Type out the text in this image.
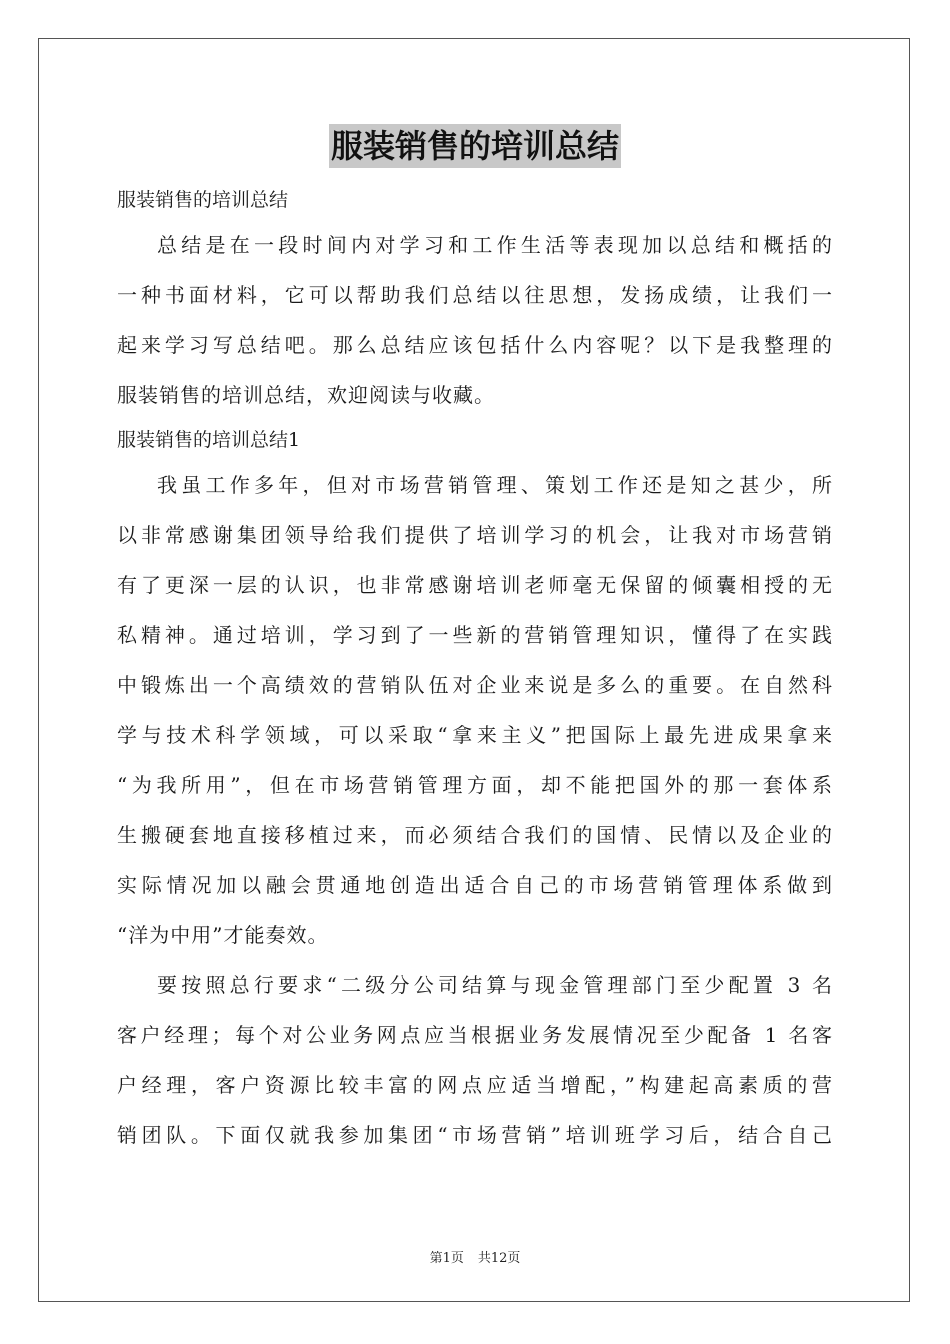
服装销售的培训总结
服装销售的培训总结
总结是在一段时间内对学习和工作生活等表现加以总结和概括的
一种书面材料，它可以帮助我们总结以往思想，发扬成绩，让我们一
起来学习写总结吧。那么总结应该包括什么内容呢？以下是我整理的
服装销售的培训总结，欢迎阅读与收藏。
服装销售的培训总结1
我虽工作多年，但对市场营销管理、策划工作还是知之甚少，所
以非常感谢集团领导给我们提供了培训学习的机会，让我对市场营销
有了更深一层的认识，也非常感谢培训老师毫无保留的倾囊相授的无
私精神。通过培训，学习到了一些新的营销管理知识，懂得了在实践
中锻炼出一个高绩效的营销队伍对企业来说是多么的重要。在自然科
学与技术科学领域，可以采取“拿来主义”把国际上最先进成果拿来
“为我所用”，但在市场营销管理方面，却不能把国外的那一套体系
生搬硬套地直接移植过来，而必须结合我们的国情、民情以及企业的
实际情况加以融会贯通地创造出适合自己的市场营销管理体系做到
“洋为中用”才能奏效。
要按照总行要求“二级分公司结算与现金管理部门至少配置 3 名
客户经理；每个对公业务网点应当根据业务发展情况至少配备 1 名客
户经理，客户资源比较丰富的网点应适当增配，”构建起高素质的营
销团队。下面仅就我参加集团“市场营销”培训班学习后，结合自己
第1页 共12页
